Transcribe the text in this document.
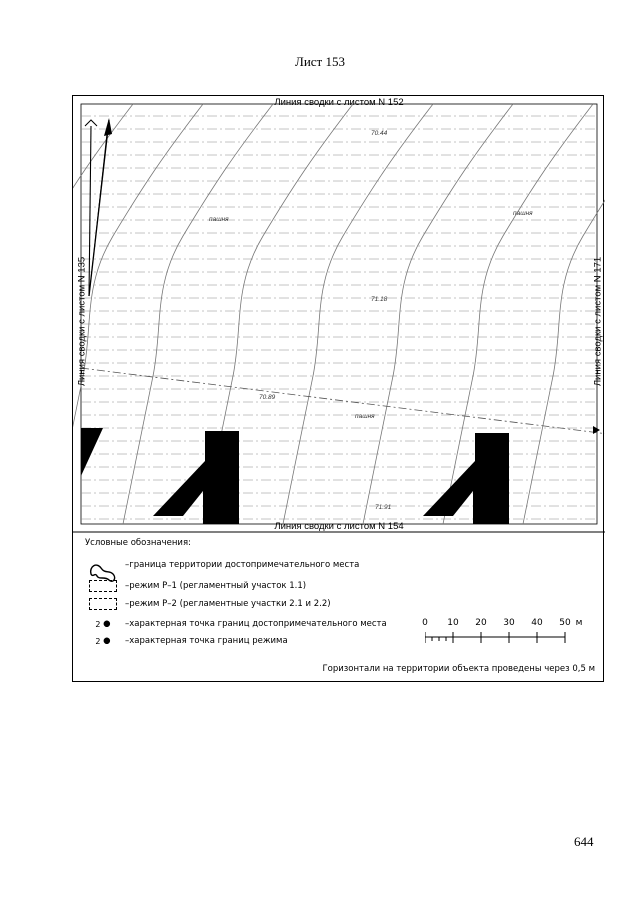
Лист 153
Линия сводки с листом N 152
Линия сводки с листом N 154
Линия сводки с листом N 135	Линия сводки с листом N 171
70.44
71.18
70.89
71.91
пашня
пашня
пашня
Условные обозначения:
–граница территории достопримечательного места
–режим Р–1 (регламентный участок 1.1)
–режим Р–2 (регламентные участки 2.1 и 2.2)
2 ●	–характерная точка границ достопримечательного места
2 ●	–характерная точка границ режима
0 10 20 30 40 50 м
Горизонтали на территории объекта проведены через 0,5 м
644
